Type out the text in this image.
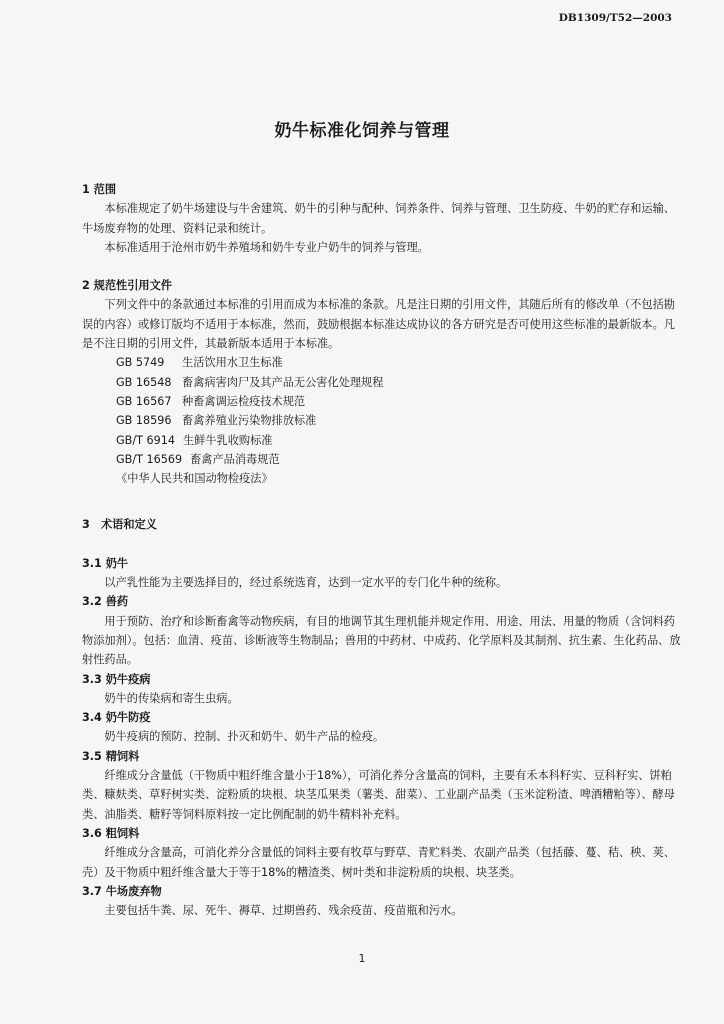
DB1309/T52—2003
奶牛标准化饲养与管理

1 范围

本标准规定了奶牛场建设与牛舍建筑、奶牛的引种与配种、饲养条件、饲养与管理、卫生防疫、牛奶的贮存和运输、牛场废弃物的处理、资料记录和统计。

本标准适用于沧州市奶牛养殖场和奶牛专业户奶牛的饲养与管理。

2 规范性引用文件

下列文件中的条款通过本标准的引用而成为本标准的条款。凡是注日期的引用文件，其随后所有的修改单（不包括勘误的内容）或修订版均不适用于本标准，然而，鼓励根据本标准达成协议的各方研究是否可使用这些标准的最新版本。凡是不注日期的引用文件，其最新版本适用于本标准。

GB 5749 生活饮用水卫生标准

GB 16548 畜禽病害肉尸及其产品无公害化处理规程

GB 16567 种畜禽调运检疫技术规范

GB 18596 畜禽养殖业污染物排放标准

GB/T 6914 生鲜牛乳收购标准

GB/T 16569 畜禽产品消毒规范

《中华人民共和国动物检疫法》

3　术语和定义

3.1 奶牛

以产乳性能为主要选择目的，经过系统选育，达到一定水平的专门化牛种的统称。

3.2 兽药

用于预防、治疗和诊断畜禽等动物疾病，有目的地调节其生理机能并规定作用、用途、用法、用量的物质（含饲料药物添加剂）。包括：血清、疫苗、诊断液等生物制品；兽用的中药材、中成药、化学原料及其制剂、抗生素、生化药品、放射性药品。

3.3 奶牛疫病

奶牛的传染病和寄生虫病。

3.4 奶牛防疫

奶牛疫病的预防、控制、扑灭和奶牛、奶牛产品的检疫。

3.5 精饲料

纤维成分含量低（干物质中粗纤维含量小于18%），可消化养分含量高的饲料，主要有禾本科籽实、豆科籽实、饼粕类、糠麸类、草籽树实类、淀粉质的块根、块茎瓜果类（薯类、甜菜）、工业副产品类（玉米淀粉渣、啤酒糟粕等）、酵母类、油脂类、糖籽等饲料原料按一定比例配制的奶牛精料补充料。

3.6 粗饲料

纤维成分含量高，可消化养分含量低的饲料主要有牧草与野草、青贮料类、农副产品类（包括藤、蔓、秸、秧、荚、壳）及干物质中粗纤维含量大于等于18%的糟渣类、树叶类和非淀粉质的块根、块茎类。

3.7 牛场废弃物

主要包括牛粪、尿、死牛、褥草、过期兽药、残余疫苗、疫苗瓶和污水。

1
